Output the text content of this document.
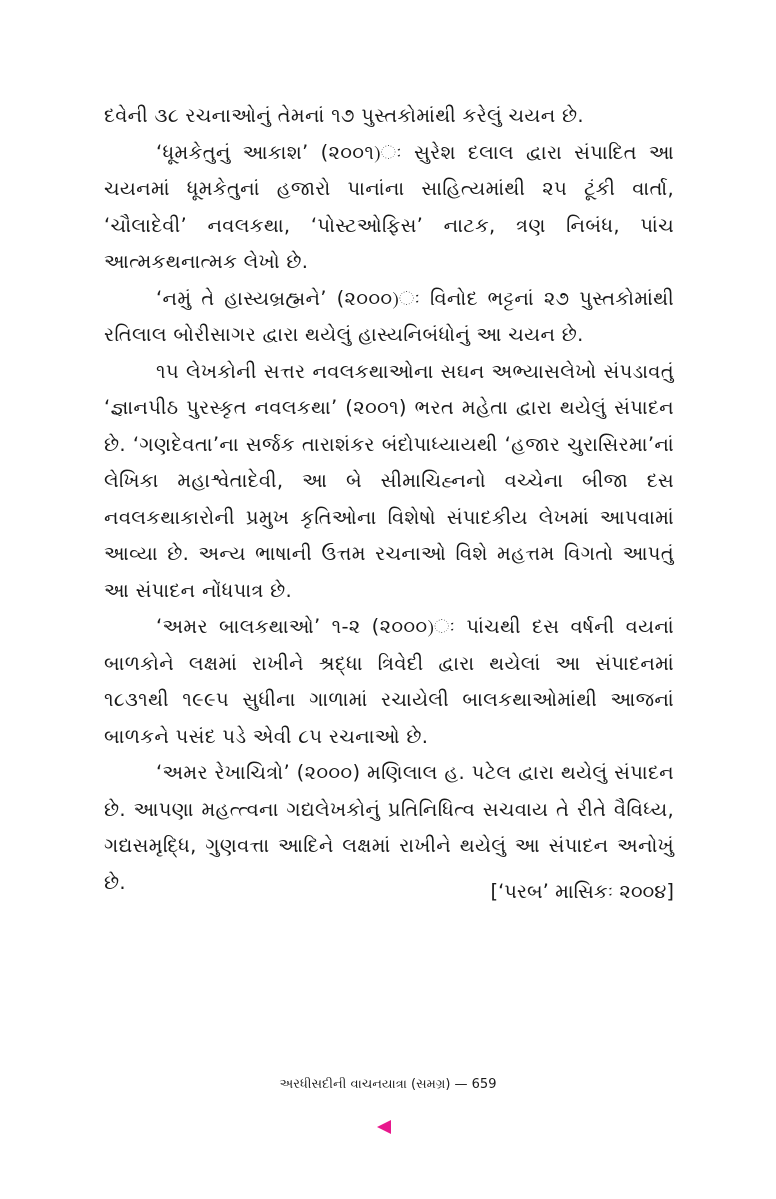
દવેની ૩૮ રચનાઓનું તેમનાં ૧૭ પુસ્તકોમાંથી કરેલું ચયન છે.

‘ધૂમકેતુનું આકાશ’ (૨૦૦૧)ઃ સુરેશ દલાલ દ્વારા સંપાદિત આ ચયનમાં ધૂમકેતુનાં હજારો પાનાંના સાહિત્યમાંથી ૨૫ ટૂંકી વાર્તા, ‘ચૌલાદેવી’ નવલકથા, ‘પોસ્ટઓફિસ’ નાટક, ત્રણ નિબંધ, પાંચ આત્મકથનાત્મક લેખો છે.

‘નમું તે હાસ્યબ્રહ્મને’ (૨૦૦૦)ઃ વિનોદ ભટ્ટનાં ૨૭ પુસ્તકોમાંથી રતિલાલ બોરીસાગર દ્વારા થયેલું હાસ્યનિબંધોનું આ ચયન છે.

૧૫ લેખકોની સત્તર નવલકથાઓના સઘન અભ્યાસલેખો સંપડાવતું ‘જ્ઞાનપીઠ પુરસ્કૃત નવલકથા’ (૨૦૦૧) ભરત મહેતા દ્વારા થયેલું સંપાદન છે. ‘ગણદેવતા’ના સર્જક તારાશંકર બંદોપાધ્યાયથી ‘હજાર ચુરાસિરમા’નાં લેખિકા મહાશ્વેતાદેવી, આ બે સીમાચિહ્નનો વચ્ચેના બીજા દસ નવલકથાકારોની પ્રમુખ કૃતિઓના વિશેષો સંપાદકીય લેખમાં આપવામાં આવ્યા છે. અન્ય ભાષાની ઉત્તમ રચનાઓ વિશે મહત્તમ વિગતો આપતું આ સંપાદન નોંધપાત્ર છે.

‘અમર બાલકથાઓ’ ૧-૨ (૨૦૦૦)ઃ પાંચથી દસ વર્ષની વયનાં બાળકોને લક્ષમાં રાખીને શ્રદ્ધા ત્રિવેદી દ્વારા થયેલાં આ સંપાદનમાં ૧૮૩૧થી ૧૯૯૫ સુધીના ગાળામાં રચાયેલી બાલકથાઓમાંથી આજનાં બાળકને પસંદ પડે એવી ૮૫ રચનાઓ છે.

‘અમર રેખાચિત્રો’ (૨૦૦૦) મણિલાલ હ. પટેલ દ્વારા થયેલું સંપાદન છે. આપણા મહત્ત્વના ગદ્યલેખકોનું પ્રતિનિધિત્વ સચવાય તે રીતે વૈવિધ્ય, ગદ્યસમૃદ્ધિ, ગુણવત્તા આદિને લક્ષમાં રાખીને થયેલું આ સંપાદન અનોખું છે.	[‘પરબ’ માસિકઃ ૨૦૦૪]
અરધીસદીની વાચનયાત્રા (સમગ્ર) — 659
